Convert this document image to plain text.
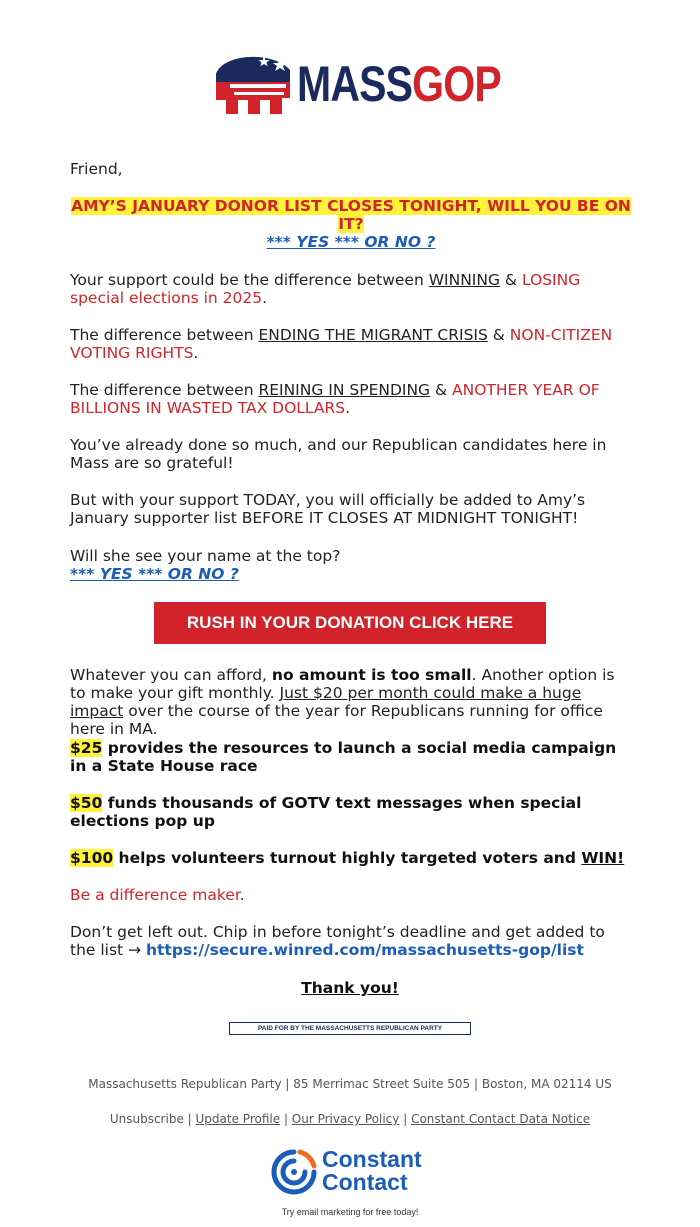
MASSGOP

Friend,

AMY’S JANUARY DONOR LIST CLOSES TONIGHT, WILL YOU BE ON
IT?
*** YES *** OR NO ?

Your support could be the difference between WINNING & LOSING special elections in 2025.

The difference between ENDING THE MIGRANT CRISIS & NON-CITIZEN VOTING RIGHTS.

The difference between REINING IN SPENDING & ANOTHER YEAR OF BILLIONS IN WASTED TAX DOLLARS.

You’ve already done so much, and our Republican candidates here in Mass are so grateful!

But with your support TODAY, you will officially be added to Amy’s January supporter list BEFORE IT CLOSES AT MIDNIGHT TONIGHT!

Will she see your name at the top?

*** YES *** OR NO ?

RUSH IN YOUR DONATION CLICK HERE

Whatever you can afford, no amount is too small. Another option is to make your gift monthly. Just $20 per month could make a huge impact over the course of the year for Republicans running for office here in MA.

$25 provides the resources to launch a social media campaign in a State House race

$50 funds thousands of GOTV text messages when special elections pop up

$100 helps volunteers turnout highly targeted voters and WIN!

Be a difference maker.

Don’t get left out. Chip in before tonight’s deadline and get added to the list → https://secure.winred.com/massachusetts-gop/list

Thank you!
PAID FOR BY THE MASSACHUSETTS REPUBLICAN PARTY
Massachusetts Republican Party | 85 Merrimac Street Suite 505 | Boston, MA 02114 US
Unsubscribe | Update Profile | Our Privacy Policy | Constant Contact Data Notice
Constant
Contact
Try email marketing for free today!
